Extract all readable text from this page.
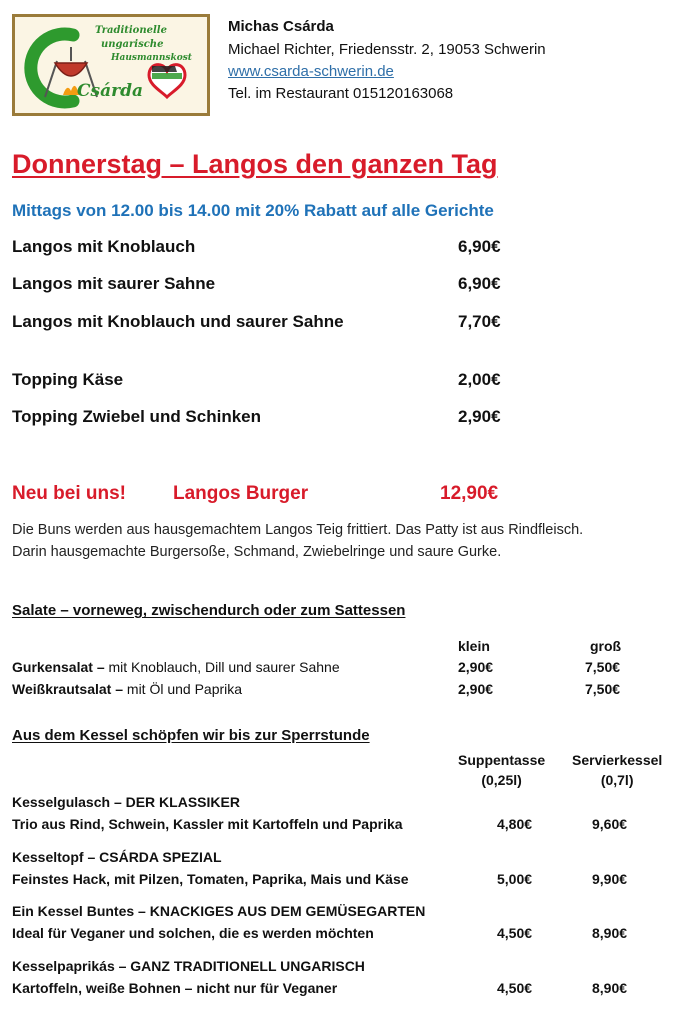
Traditionelle
ungarische
Hausmannskost
Csárda
Michas Csárda
Michael Richter, Friedensstr. 2, 19053 Schwerin
www.csarda-schwerin.de
Tel. im Restaurant 015120163068
Donnerstag – Langos den ganzen Tag
Mittags von 12.00 bis 14.00 mit 20% Rabatt auf alle Gerichte
Langos mit Knoblauch	6,90€
Langos mit saurer Sahne	6,90€
Langos mit Knoblauch und saurer Sahne	7,70€
Topping Käse	2,00€
Topping Zwiebel und Schinken	2,90€
Neu bei uns! Langos Burger	12,90€
Die Buns werden aus hausgemachtem Langos Teig frittiert. Das Patty ist aus Rindfleisch.
Darin hausgemachte Burgersoße, Schmand, Zwiebelringe und saure Gurke.
Salate – vorneweg, zwischendurch oder zum Sattessen
klein	groß
Gurkensalat – mit Knoblauch, Dill und saurer Sahne	2,90€	7,50€
Weißkrautsalat – mit Öl und Paprika	2,90€	7,50€
Aus dem Kessel schöpfen wir bis zur Sperrstunde
Suppentasse
(0,25l)
Servierkessel
(0,7l)
Kesselgulasch – DER KLASSIKER
Trio aus Rind, Schwein, Kassler mit Kartoffeln und Paprika	4,80€	9,60€
Kesseltopf – CSÁRDA SPEZIAL
Feinstes Hack, mit Pilzen, Tomaten, Paprika, Mais und Käse	5,00€	9,90€
Ein Kessel Buntes – KNACKIGES AUS DEM GEMÜSEGARTEN
Ideal für Veganer und solchen, die es werden möchten	4,50€	8,90€
Kesselpaprikás – GANZ TRADITIONELL UNGARISCH
Kartoffeln, weiße Bohnen – nicht nur für Veganer	4,50€	8,90€
